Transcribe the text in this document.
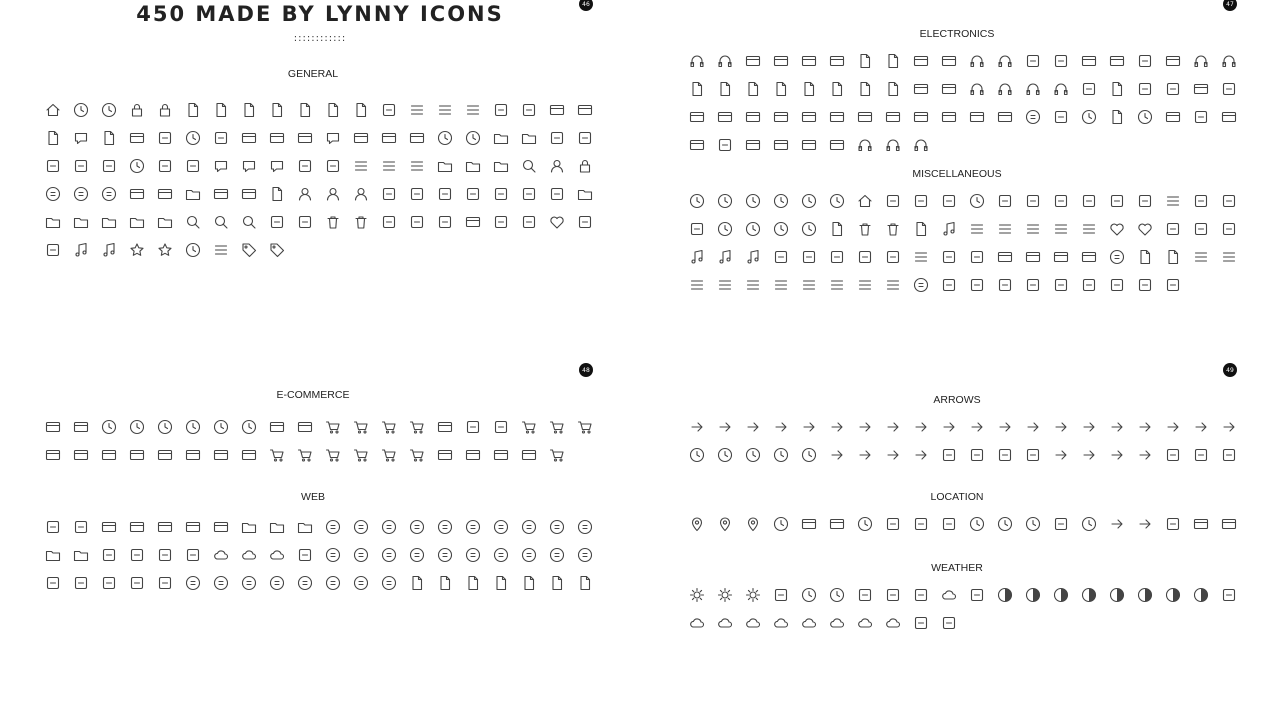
450 MADE BY LYNNY ICONS
::::::::::::
46	47
48	49
GENERAL
ELECTRONICS
MISCELLANEOUS
E-COMMERCE
WEB
ARROWS
LOCATION
WEATHER
